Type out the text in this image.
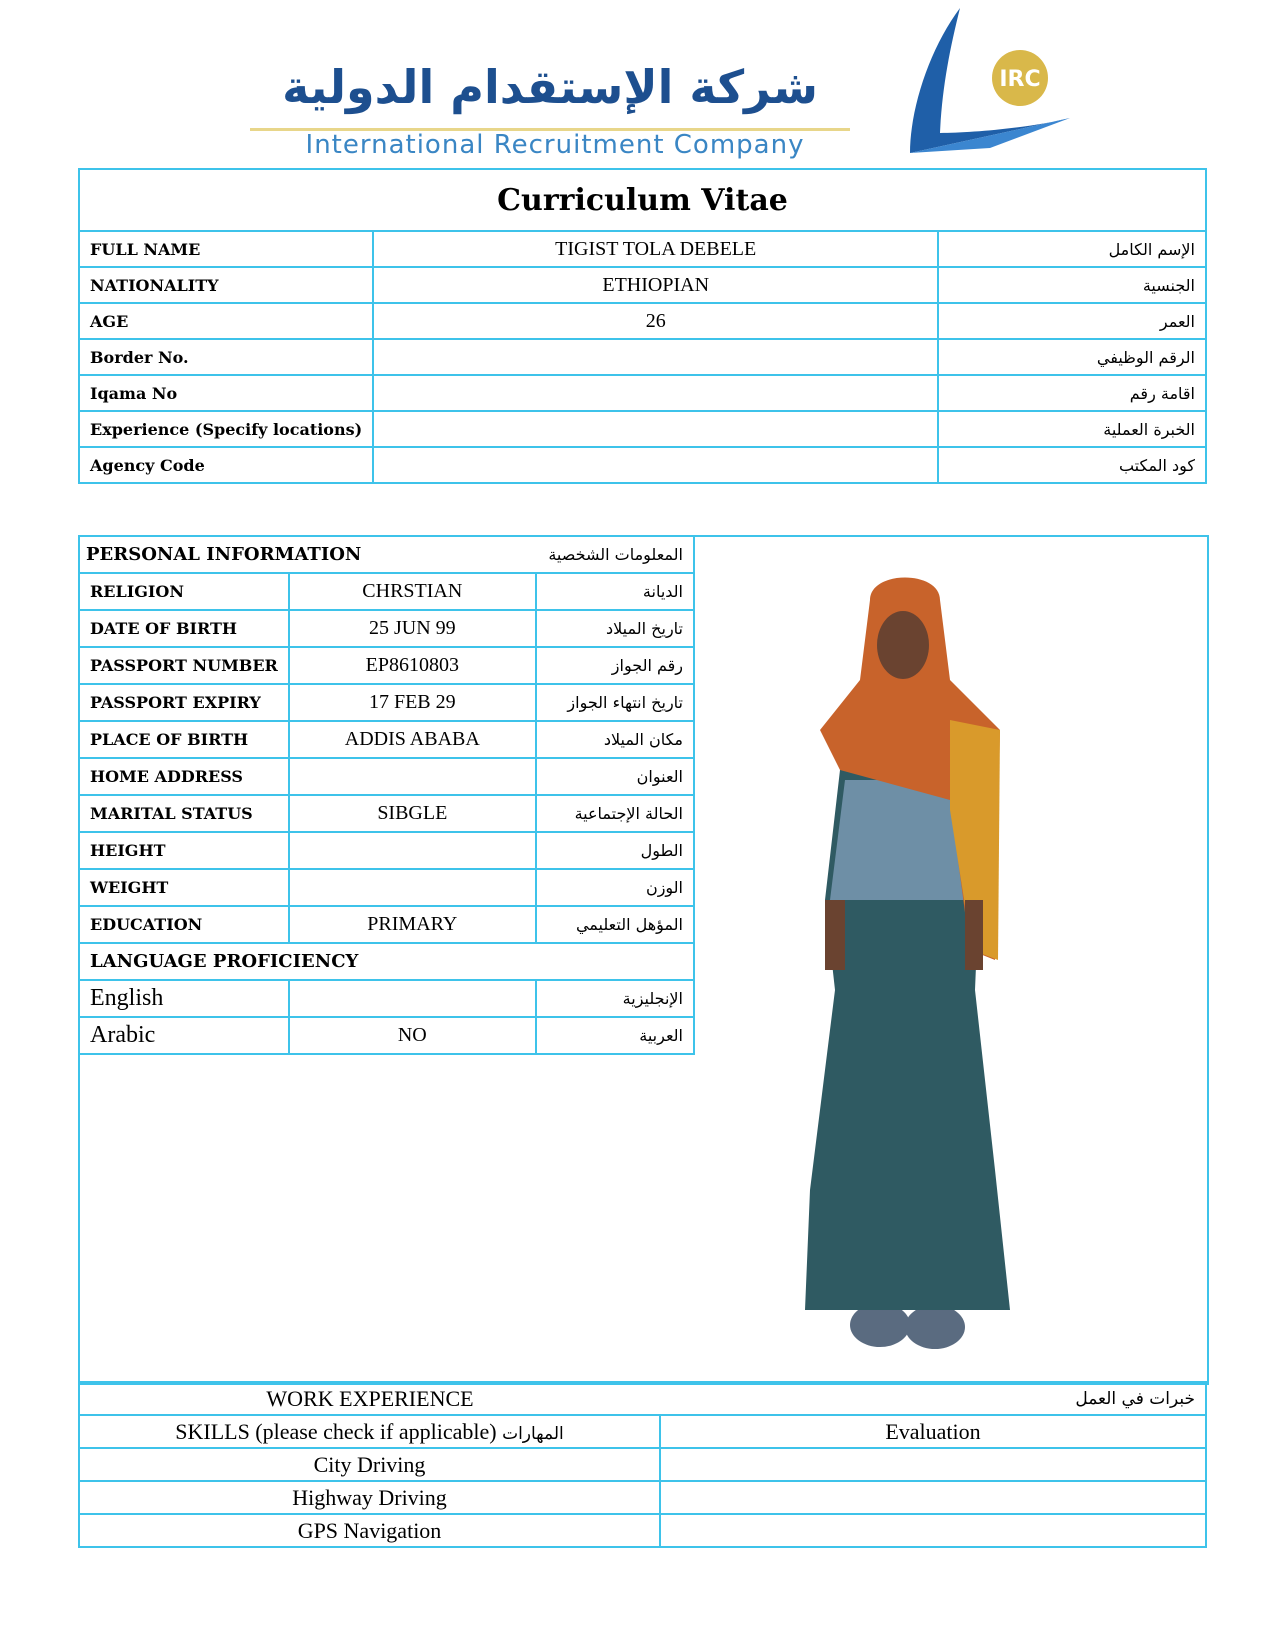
شركة الإستقدام الدولية
International Recruitment Company
IRC
Curriculum Vitae		
FULL NAME	TIGIST TOLA DEBELE	الإسم الكامل
NATIONALITY	ETHIOPIAN	الجنسية
AGE	26	العمر
Border No.		الرقم الوظيفي
Iqama No		اقامة رقم
Experience (Specify locations)		الخبرة العملية
Agency Code		كود المكتب
PERSONAL INFORMATION		المعلومات الشخصية
RELIGION	CHRSTIAN	الديانة
DATE OF BIRTH	25 JUN 99	تاريخ الميلاد
PASSPORT NUMBER	EP8610803	رقم الجواز
PASSPORT EXPIRY	17 FEB 29	تاريخ انتهاء الجواز
PLACE OF BIRTH	ADDIS ABABA	مكان الميلاد
HOME ADDRESS		العنوان
MARITAL STATUS	SIBGLE	الحالة الإجتماعية
HEIGHT		الطول
WEIGHT		الوزن
EDUCATION	PRIMARY	المؤهل التعليمي
LANGUAGE PROFICIENCY		
English		الإنجليزية
Arabic	NO	العربية
WORK EXPERIENCE	خبرات في العمل
SKILLS (please check if applicable) المهارات	Evaluation
City Driving	
Highway Driving	
GPS Navigation	
